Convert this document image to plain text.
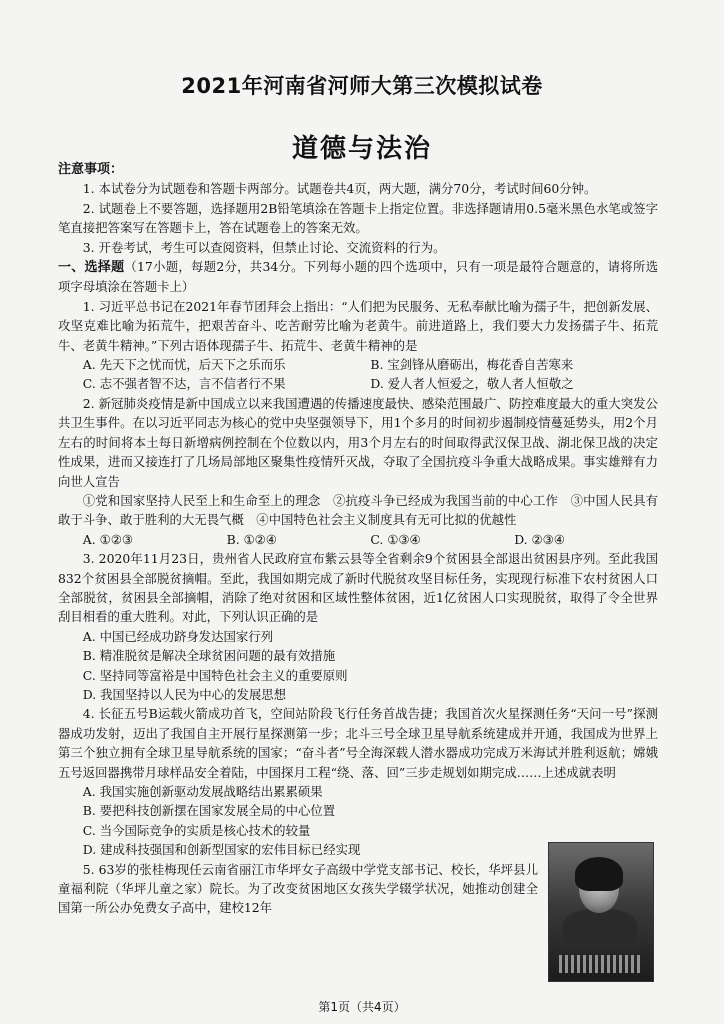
2021年河南省河师大第三次模拟试卷
道德与法治

注意事项：

1. 本试卷分为试题卷和答题卡两部分。试题卷共4页，两大题，满分70分，考试时间60分钟。

2. 试题卷上不要答题，选择题用2B铅笔填涂在答题卡上指定位置。非选择题请用0.5毫米黑色水笔或签字笔直接把答案写在答题卡上，答在试题卷上的答案无效。

3. 开卷考试，考生可以查阅资料，但禁止讨论、交流资料的行为。

一、选择题（17小题，每题2分，共34分。下列每小题的四个选项中，只有一项是最符合题意的，请将所选项字母填涂在答题卡上）

1. 习近平总书记在2021年春节团拜会上指出：“人们把为民服务、无私奉献比喻为孺子牛，把创新发展、攻坚克难比喻为拓荒牛，把艰苦奋斗、吃苦耐劳比喻为老黄牛。前进道路上，我们要大力发扬孺子牛、拓荒牛、老黄牛精神。”下列古语体现孺子牛、拓荒牛、老黄牛精神的是

A. 先天下之忧而忧，后天下之乐而乐	B. 宝剑锋从磨砺出，梅花香自苦寒来
C. 志不强者智不达，言不信者行不果	D. 爱人者人恒爱之，敬人者人恒敬之

2. 新冠肺炎疫情是新中国成立以来我国遭遇的传播速度最快、感染范围最广、防控难度最大的重大突发公共卫生事件。在以习近平同志为核心的党中央坚强领导下，用1个多月的时间初步遏制疫情蔓延势头，用2个月左右的时间将本土每日新增病例控制在个位数以内，用3个月左右的时间取得武汉保卫战、湖北保卫战的决定性成果，进而又接连打了几场局部地区聚集性疫情歼灭战，夺取了全国抗疫斗争重大战略成果。事实雄辩有力向世人宣告

①党和国家坚持人民至上和生命至上的理念  ②抗疫斗争已经成为我国当前的中心工作  ③中国人民具有敢于斗争、敢于胜利的大无畏气概  ④中国特色社会主义制度具有无可比拟的优越性

A. ①②③	B. ①②④	C. ①③④	D. ②③④

3. 2020年11月23日，贵州省人民政府宣布紫云县等全省剩余9个贫困县全部退出贫困县序列。至此我国832个贫困县全部脱贫摘帽。至此，我国如期完成了新时代脱贫攻坚目标任务，实现现行标准下农村贫困人口全部脱贫，贫困县全部摘帽，消除了绝对贫困和区域性整体贫困，近1亿贫困人口实现脱贫，取得了令全世界刮目相看的重大胜利。对此，下列认识正确的是

A. 中国已经成功跻身发达国家行列

B. 精准脱贫是解决全球贫困问题的最有效措施

C. 坚持同等富裕是中国特色社会主义的重要原则

D. 我国坚持以人民为中心的发展思想

4. 长征五号B运载火箭成功首飞，空间站阶段飞行任务首战告捷；我国首次火星探测任务“天问一号”探测器成功发射，迈出了我国自主开展行星探测第一步；北斗三号全球卫星导航系统建成并开通，我国成为世界上第三个独立拥有全球卫星导航系统的国家；“奋斗者”号全海深载人潜水器成功完成万米海试并胜利返航；嫦娥五号返回器携带月球样品安全着陆，中国探月工程“绕、落、回”三步走规划如期完成……上述成就表明

A. 我国实施创新驱动发展战略结出累累硕果

B. 要把科技创新摆在国家发展全局的中心位置

C. 当今国际竞争的实质是核心技术的较量

D. 建成科技强国和创新型国家的宏伟目标已经实现

5. 63岁的张桂梅现任云南省丽江市华坪女子高级中学党支部书记、校长，华坪县儿童福利院（华坪儿童之家）院长。为了改变贫困地区女孩失学辍学状况，她推动创建全国第一所公办免费女子高中，建校12年

第1页（共4页）
